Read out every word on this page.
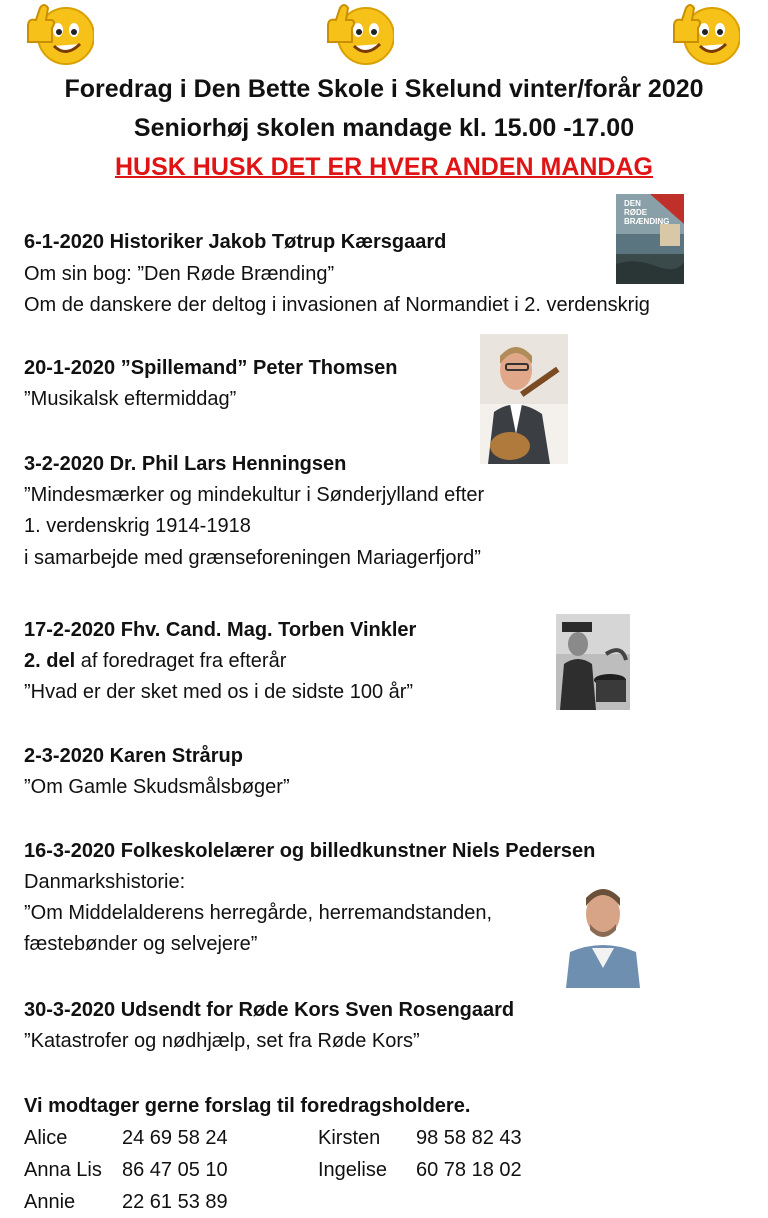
Foredrag i Den Bette Skole i Skelund vinter/forår 2020
Seniorhøj skolen mandage kl. 15.00 -17.00
HUSK HUSK DET ER HVER ANDEN MANDAG
6-1-2020 Historiker Jakob Tøtrup Kærsgaard
Om sin bog: ”Den Røde Brænding”
Om de danskere der deltog i invasionen af Normandiet i 2. verdenskrig
DEN
RØDE
BRÆNDING
20-1-2020 ”Spillemand” Peter Thomsen
”Musikalsk eftermiddag”
3-2-2020 Dr. Phil Lars Henningsen
”Mindesmærker og mindekultur i Sønderjylland efter
1. verdenskrig 1914-1918
i samarbejde med grænseforeningen Mariagerfjord”
17-2-2020 Fhv. Cand. Mag. Torben Vinkler
2. del af foredraget fra efterår
”Hvad er der sket med os i de sidste 100 år”
2-3-2020 Karen Strårup
”Om Gamle Skudsmålsbøger”
16-3-2020 Folkeskolelærer og billedkunstner Niels Pedersen
Danmarkshistorie:
”Om Middelalderens herregårde, herremandstanden,
fæstebønder og selvejere”
30-3-2020 Udsendt for Røde Kors Sven Rosengaard
”Katastrofer og nødhjælp, set fra Røde Kors”
Vi modtager gerne forslag til foredragsholdere.
Alice	24 69 58 24	Kirsten 98 58 82 43
Anna Lis 86 47 05 10	Ingelise 60 78 18 02
Annie 22 61 53 89
